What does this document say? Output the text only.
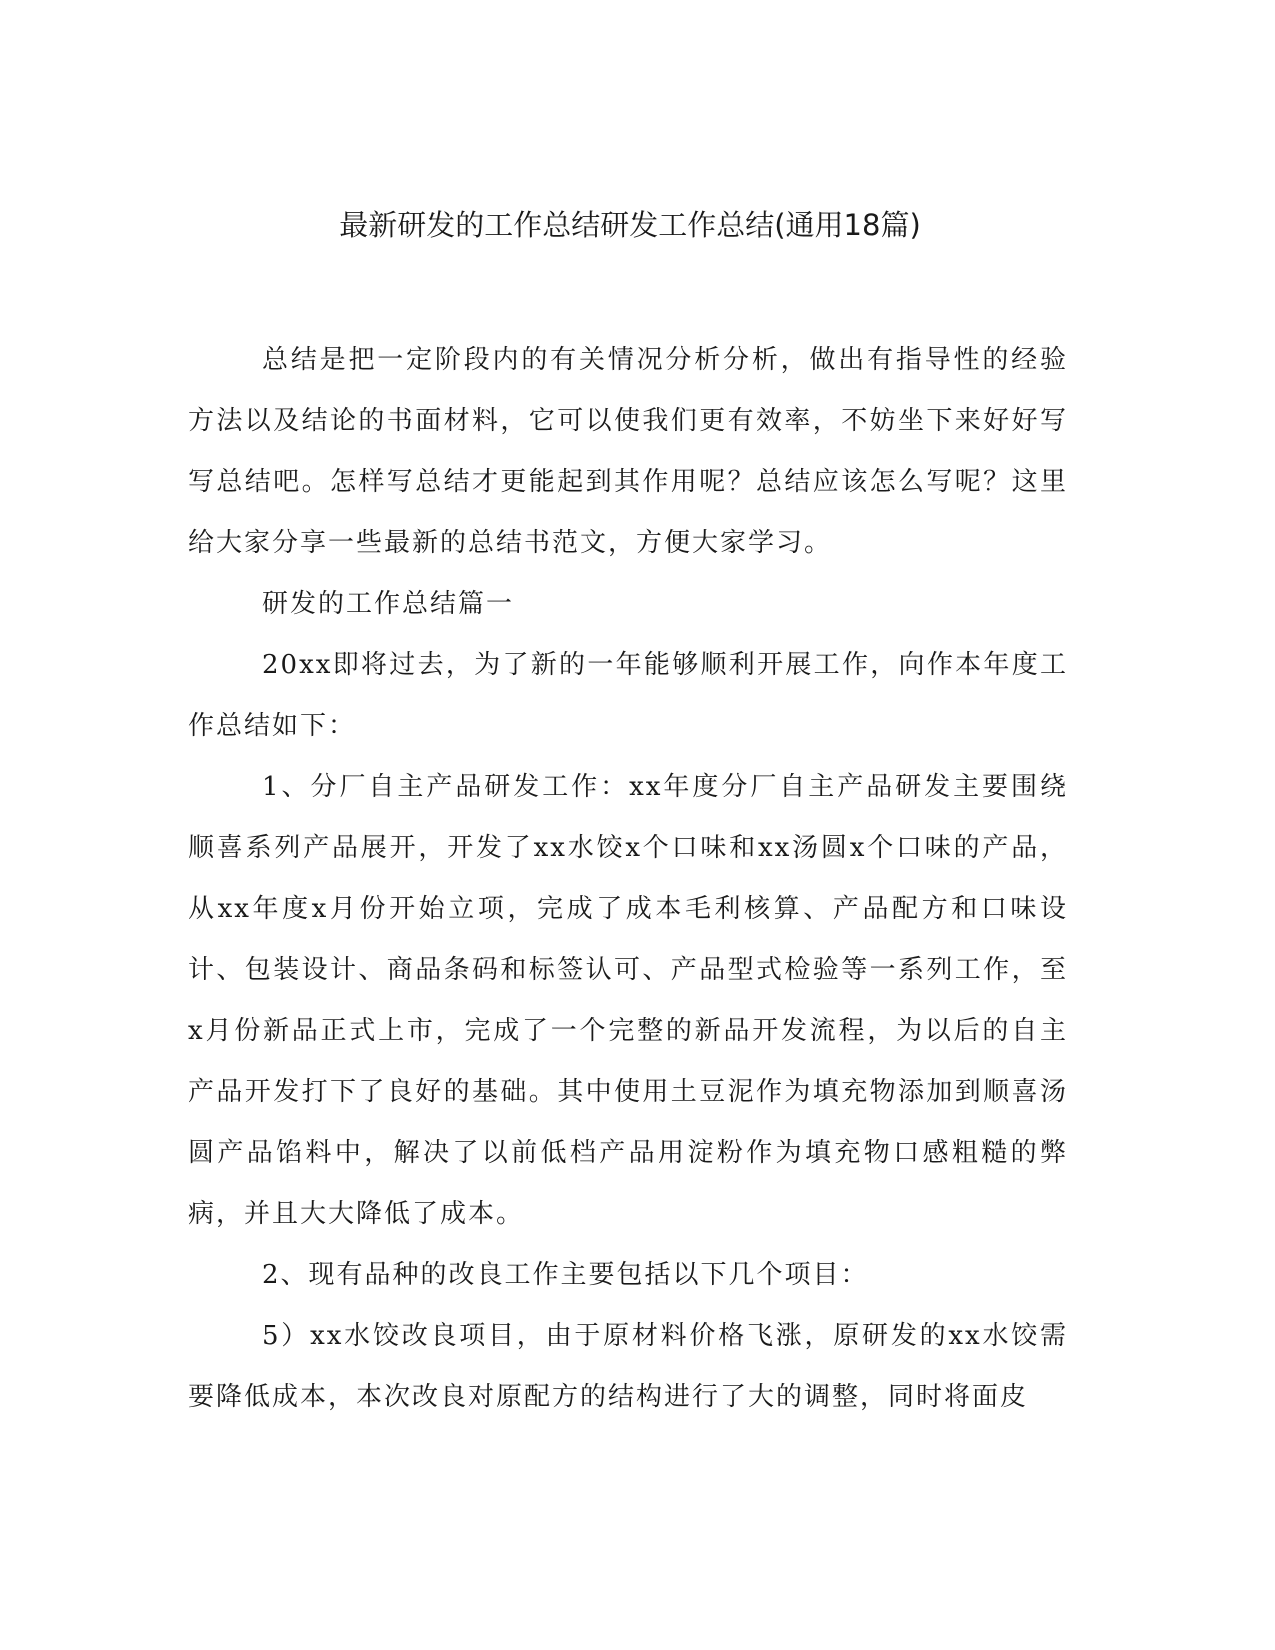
最新研发的工作总结研发工作总结(通用18篇)

总结是把一定阶段内的有关情况分析分析，做出有指导性的经验方法以及结论的书面材料，它可以使我们更有效率，不妨坐下来好好写写总结吧。怎样写总结才更能起到其作用呢？总结应该怎么写呢？这里给大家分享一些最新的总结书范文，方便大家学习。

研发的工作总结篇一

20xx即将过去，为了新的一年能够顺利开展工作，向作本年度工作总结如下：

1、分厂自主产品研发工作：xx年度分厂自主产品研发主要围绕顺喜系列产品展开，开发了xx水饺x个口味和xx汤圆x个口味的产品，从xx年度x月份开始立项，完成了成本毛利核算、产品配方和口味设计、包装设计、商品条码和标签认可、产品型式检验等一系列工作，至x月份新品正式上市，完成了一个完整的新品开发流程，为以后的自主产品开发打下了良好的基础。其中使用土豆泥作为填充物添加到顺喜汤圆产品馅料中，解决了以前低档产品用淀粉作为填充物口感粗糙的弊病，并且大大降低了成本。

2、现有品种的改良工作主要包括以下几个项目：

5）xx水饺改良项目，由于原材料价格飞涨，原研发的xx水饺需要降低成本，本次改良对原配方的结构进行了大的调整，同时将面皮
